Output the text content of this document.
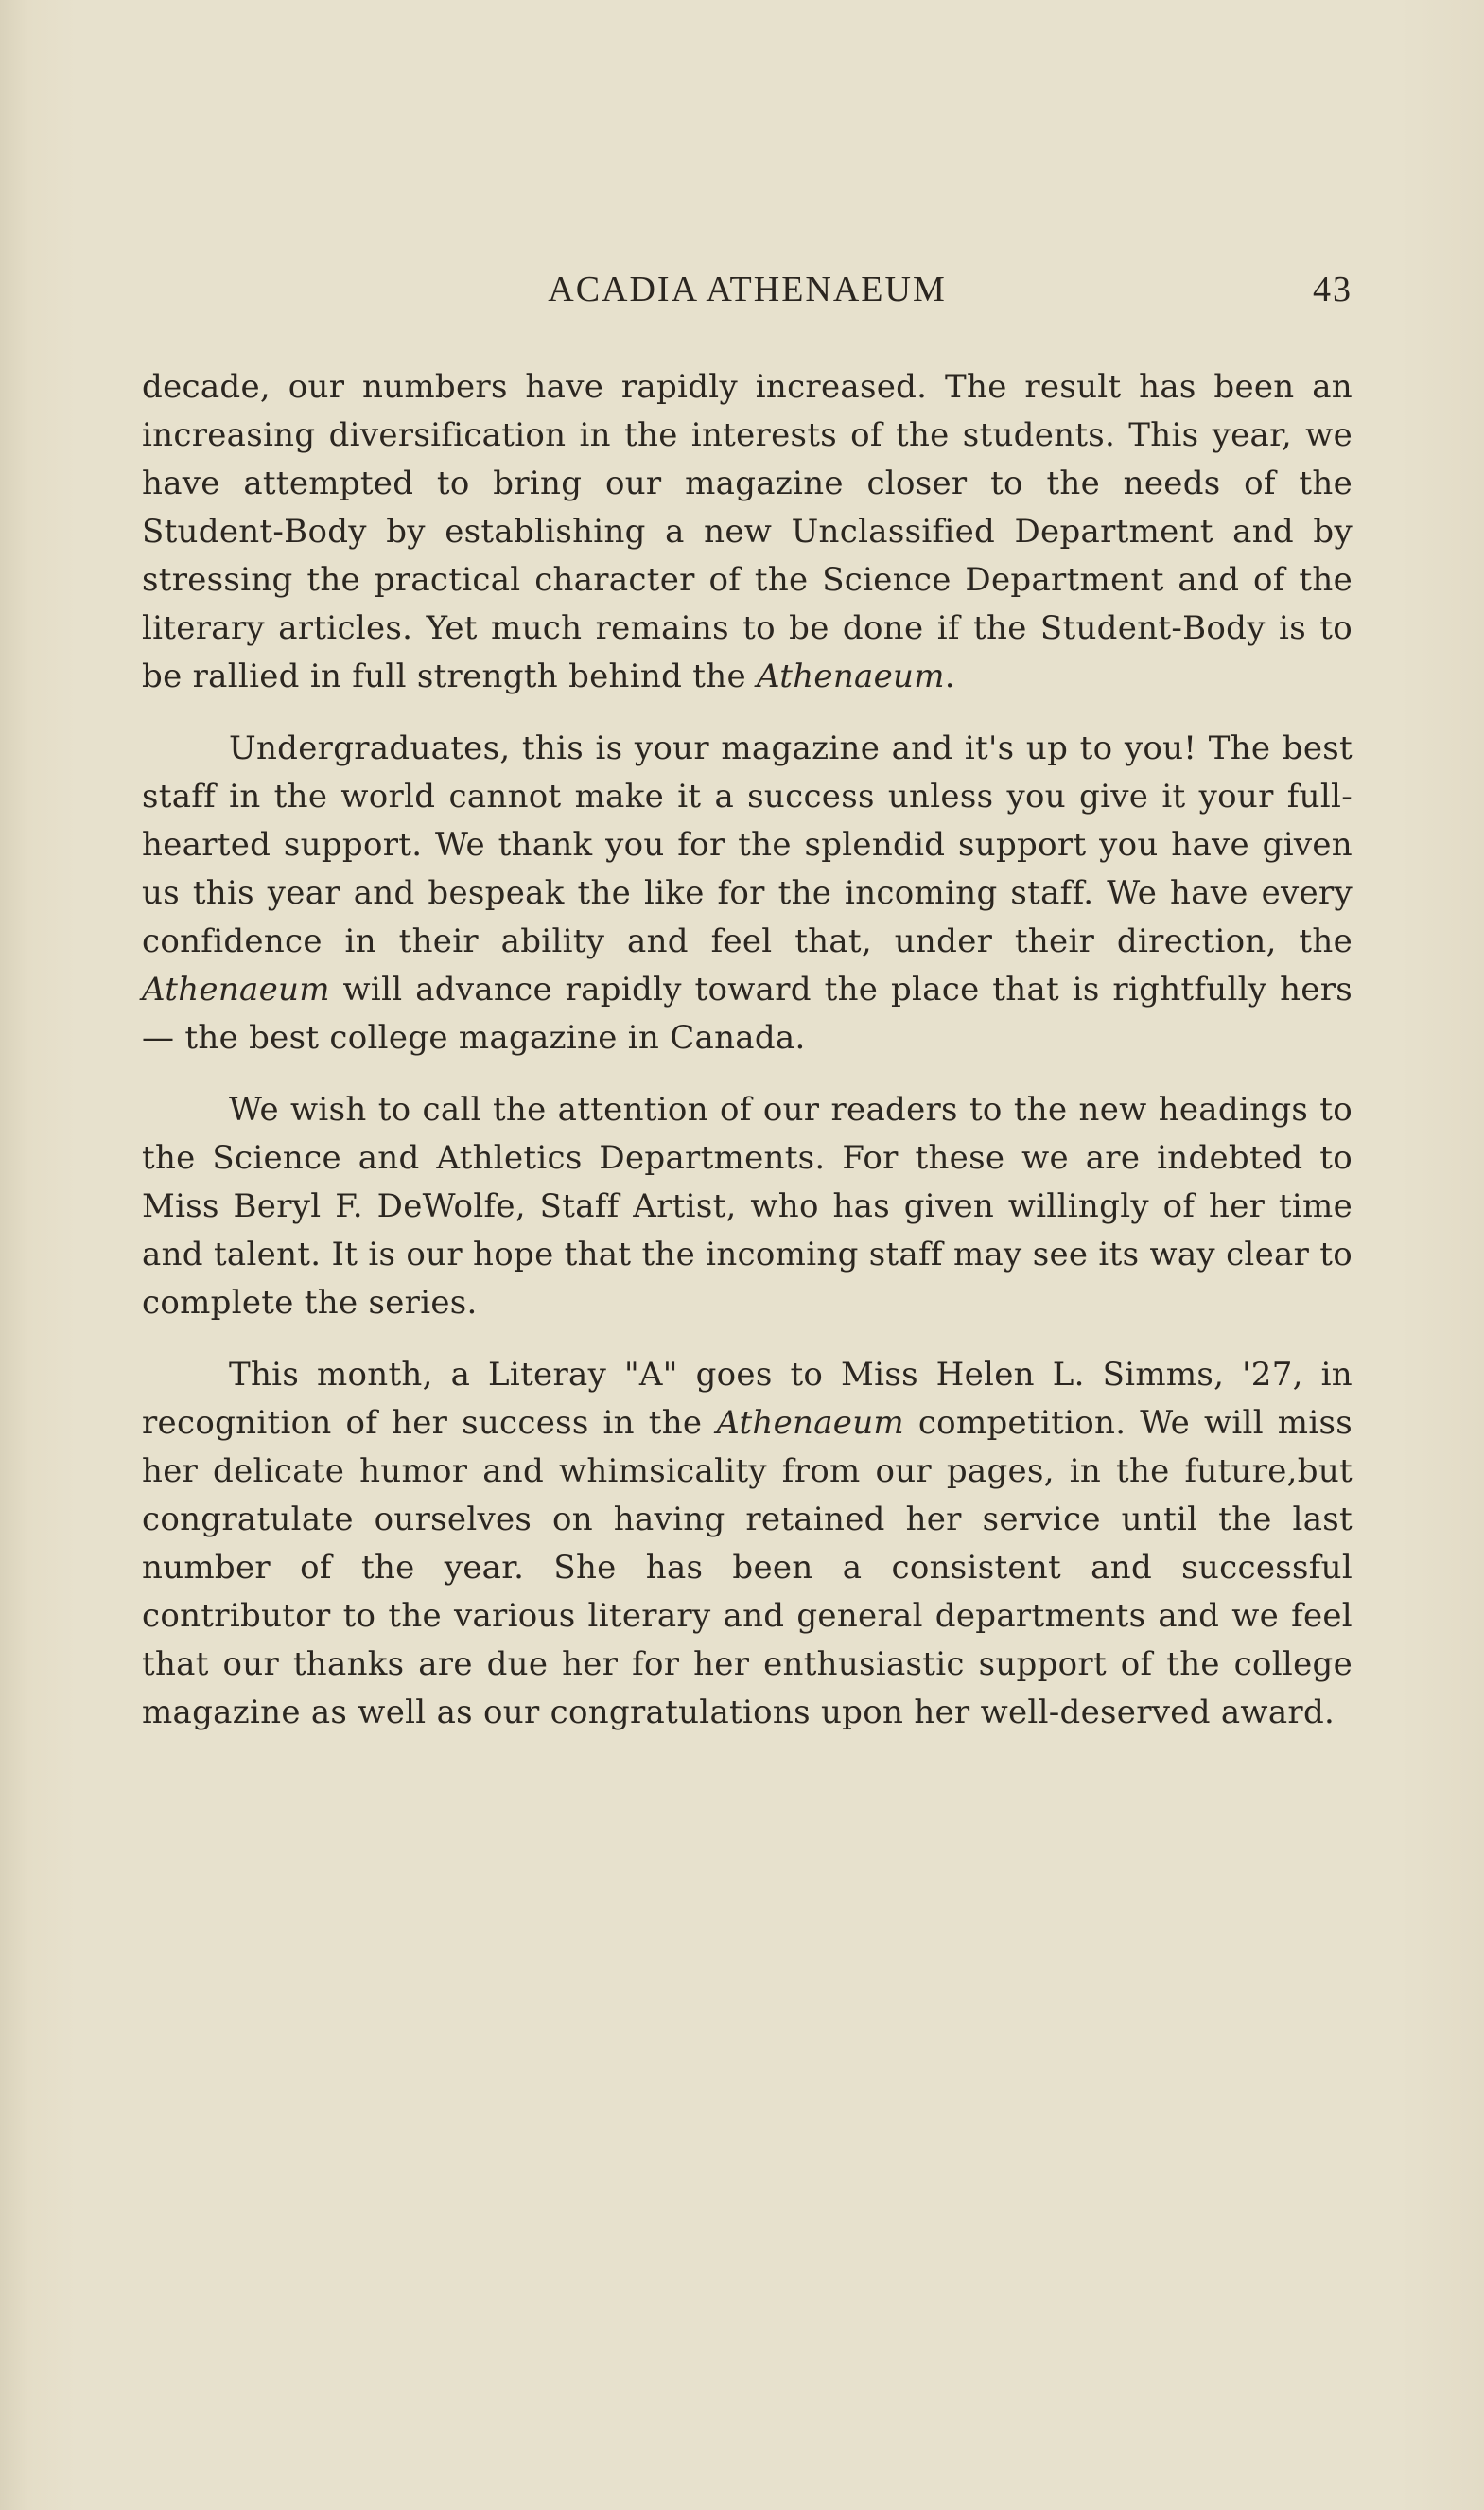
ACADIA ATHENAEUM	43

decade, our numbers have rapidly increased. The result has been an increasing diversification in the interests of the students. This year, we have attempted to bring our magazine closer to the needs of the Student-Body by establishing a new Unclassified Department and by stressing the practical character of the Science Department and of the literary articles. Yet much remains to be done if the Student-Body is to be rallied in full strength behind the Athenaeum.

Undergraduates, this is your magazine and it's up to you! The best staff in the world cannot make it a success unless you give it your full-hearted support. We thank you for the splendid support you have given us this year and bespeak the like for the incoming staff. We have every confidence in their ability and feel that, under their direction, the Athenaeum will advance rapidly toward the place that is rightfully hers— the best college magazine in Canada.

We wish to call the attention of our readers to the new headings to the Science and Athletics Departments. For these we are indebted to Miss Beryl F. DeWolfe, Staff Artist, who has given willingly of her time and talent. It is our hope that the incoming staff may see its way clear to complete the series.

This month, a Literay "A" goes to Miss Helen L. Simms, '27, in recognition of her success in the Athenaeum competition. We will miss her delicate humor and whimsicality from our pages, in the future,but congratulate ourselves on having retained her service until the last number of the year. She has been a consistent and successful contributor to the various literary and general departments and we feel that our thanks are due her for her enthusiastic support of the college magazine as well as our congratulations upon her well-deserved award.
